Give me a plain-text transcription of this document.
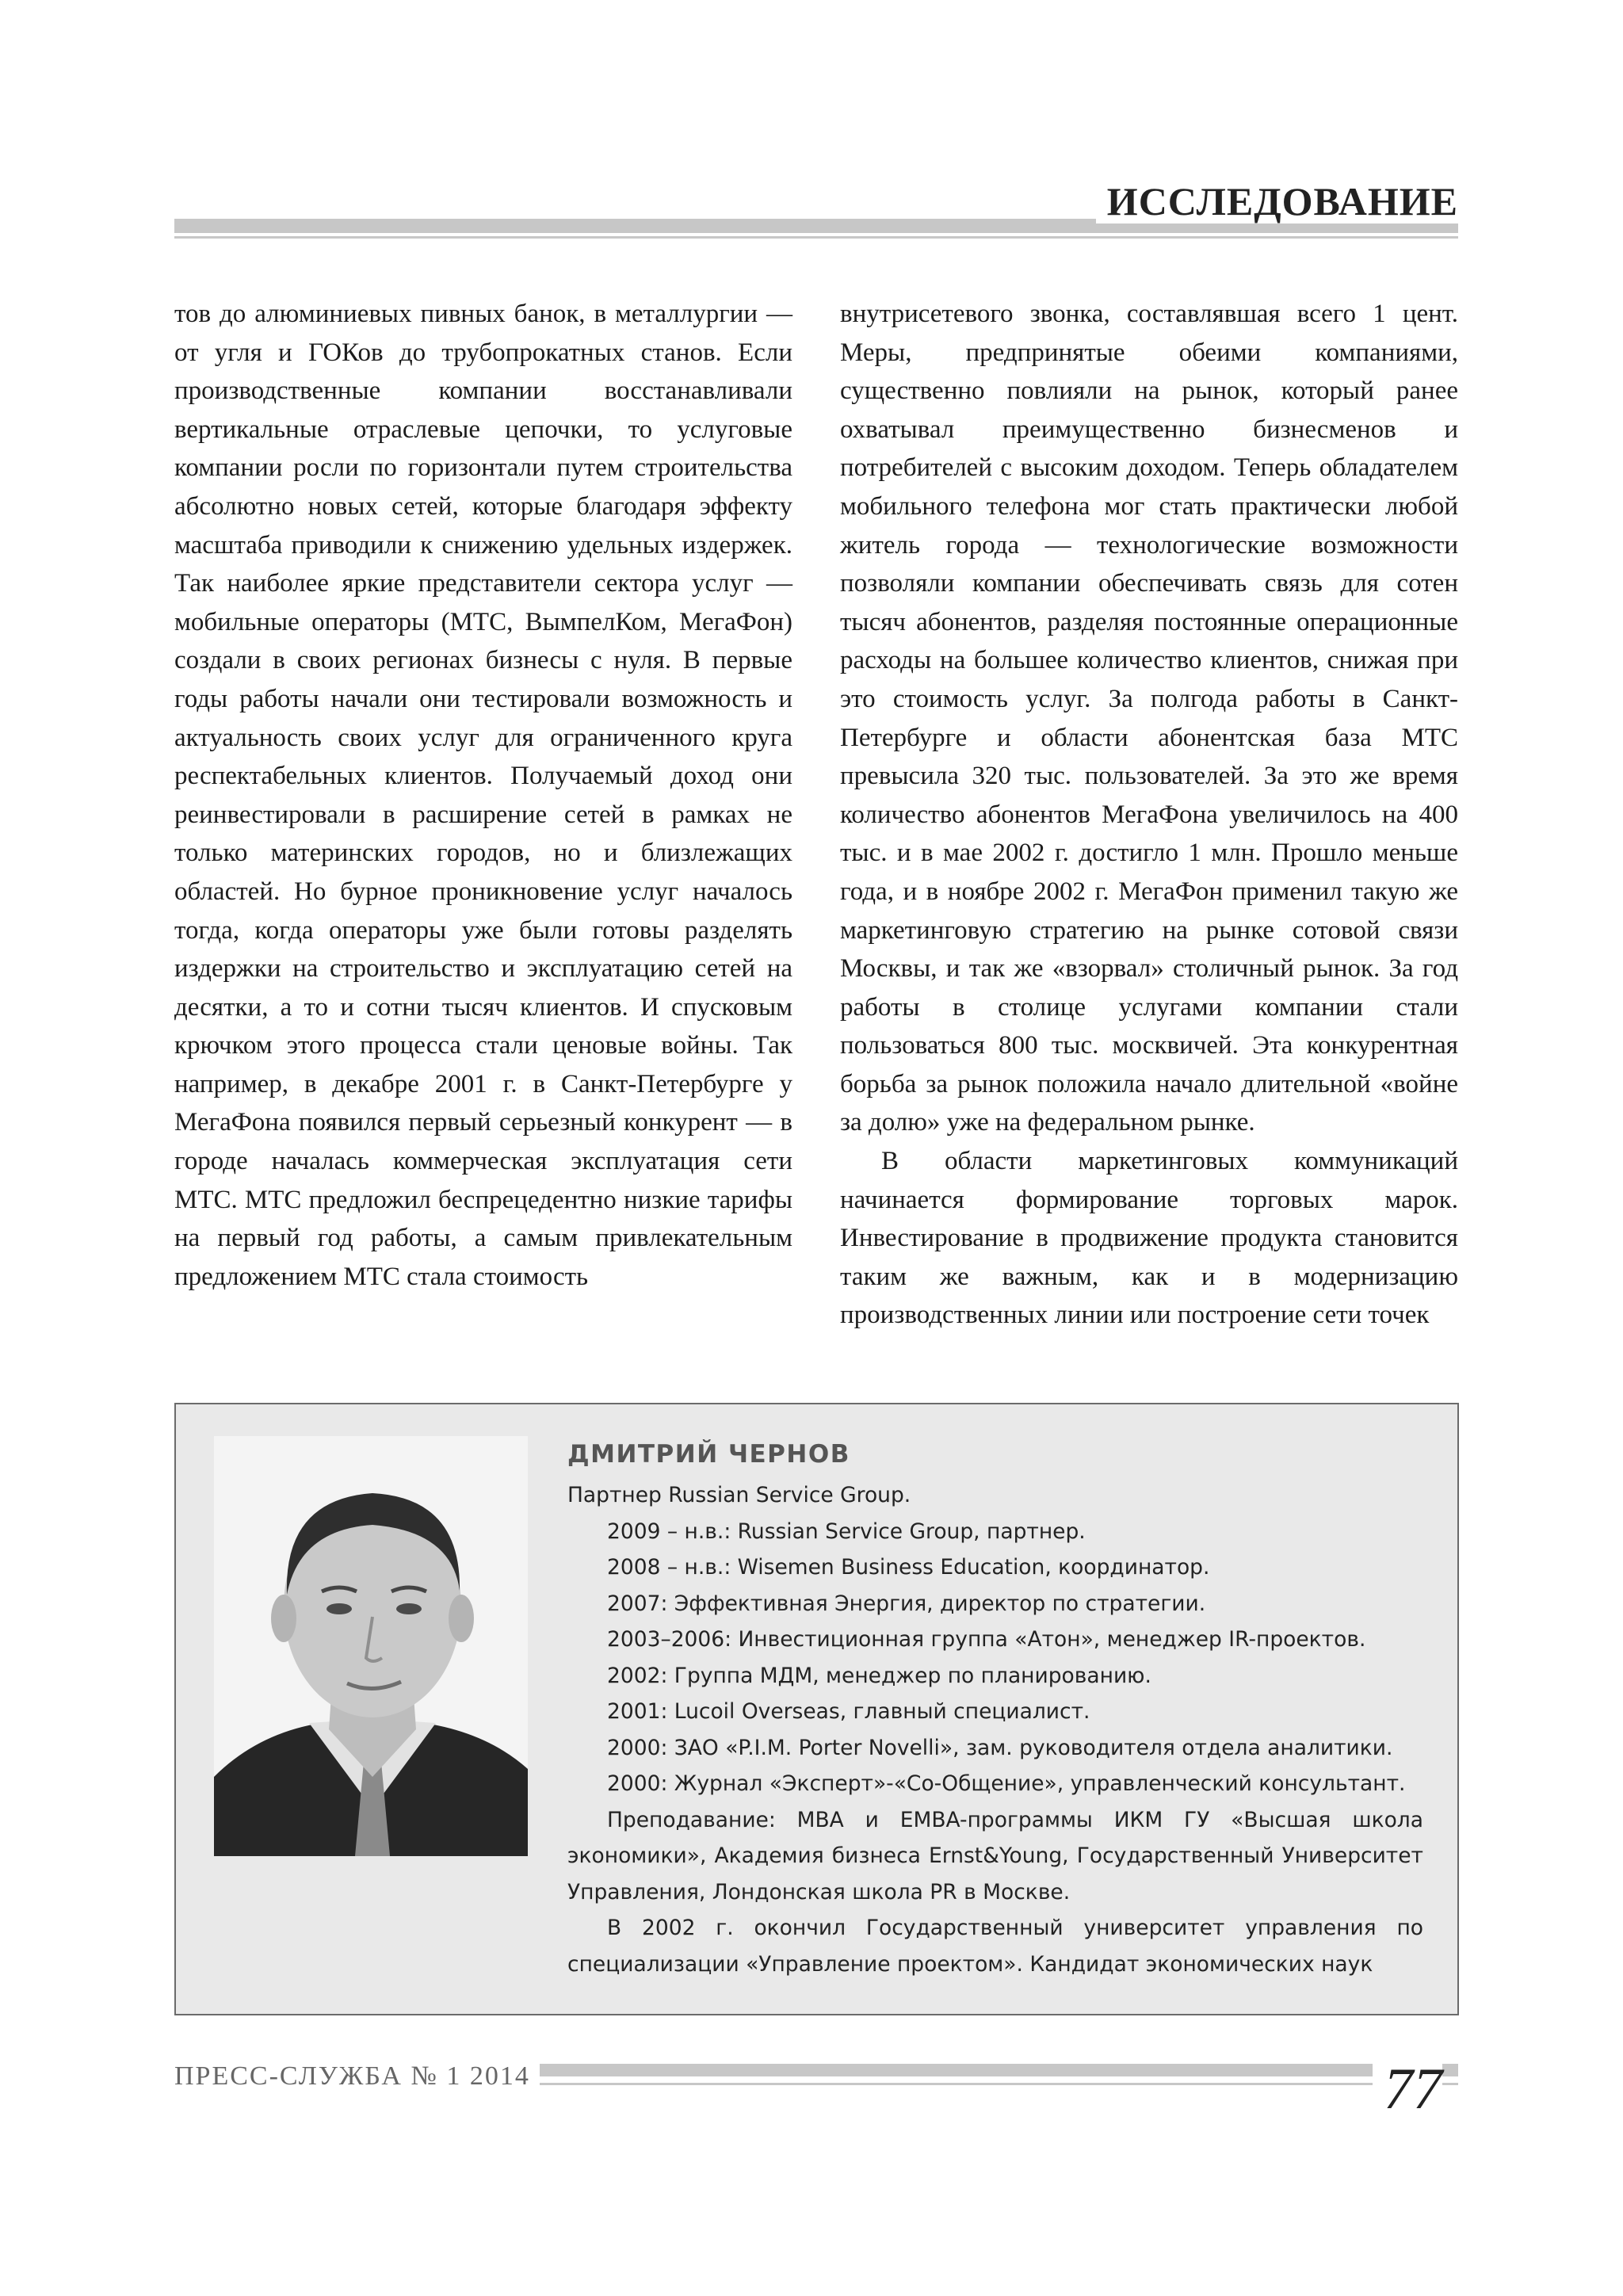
ИССЛЕДОВАНИЕ

тов до алюминиевых пивных банок, в металлургии — от угля и ГОКов до трубопрокатных станов. Если производственные компании восстанавливали вертикальные отраслевые цепочки, то услуговые компании росли по горизонтали путем строительства абсолютно новых сетей, которые благодаря эффекту масштаба приводили к снижению удельных издержек. Так наиболее яркие представители сектора услуг — мобильные операторы (МТС, ВымпелКом, МегаФон) создали в своих регионах бизнесы с нуля. В первые годы работы начали они тестировали возможность и актуальность своих услуг для ограниченного круга респектабельных клиентов. Получаемый доход они реинвестировали в расширение сетей в рамках не только материнских городов, но и близлежащих областей. Но бурное проникновение услуг началось тогда, когда операторы уже были готовы разделять издержки на строительство и эксплуатацию сетей на десятки, а то и сотни тысяч клиентов. И спусковым крючком этого процесса стали ценовые войны. Так например, в декабре 2001 г. в Санкт-Петербурге у МегаФона появился первый серьезный конкурент — в городе началась коммерческая эксплуатация сети МТС. МТС предложил беспрецедентно низкие тарифы на первый год работы, а самым привлекательным предложением МТС стала стоимость

внутрисетевого звонка, составлявшая всего 1 цент. Меры, предпринятые обеими компаниями, существенно повлияли на рынок, который ранее охватывал преимущественно бизнесменов и потребителей с высоким доходом. Теперь обладателем мобильного телефона мог стать практически любой житель города — технологические возможности позволяли компании обеспечивать связь для сотен тысяч абонентов, разделяя постоянные операционные расходы на большее количество клиентов, снижая при это стоимость услуг. За полгода работы в Санкт-Петербурге и области абонентская база МТС превысила 320 тыс. пользователей. За это же время количество абонентов МегаФона увеличилось на 400 тыс. и в мае 2002 г. достигло 1 млн. Прошло меньше года, и в ноябре 2002 г. МегаФон применил такую же маркетинговую стратегию на рынке сотовой связи Москвы, и так же «взорвал» столичный рынок. За год работы в столице услугами компании стали пользоваться 800 тыс. москвичей. Эта конкурентная борьба за рынок положила начало длительной «войне за долю» уже на федеральном рынке.

В области маркетинговых коммуникаций начинается формирование торговых марок. Инвестирование в продвижение продукта становится таким же важным, как и в модернизацию производственных линии или построение сети точек

ДМИТРИЙ ЧЕРНОВ

Партнер Russian Service Group.

2009 – н.в.: Russian Service Group, партнер.

2008 – н.в.: Wisemen Business Education, координатор.

2007: Эффективная Энергия, директор по стратегии.

2003–2006: Инвестиционная группа «Атон», менеджер IR-проектов.

2002: Группа МДМ, менеджер по планированию.

2001: Lucoil Overseas, главный специалист.

2000: ЗАО «P.I.M. Porter Novelli», зам. руководителя отдела аналитики.

2000: Журнал «Эксперт»-«Со-Общение», управленческий консультант.

Преподавание: MBA и EMBA-программы ИКМ ГУ «Высшая школа экономики», Академия бизнеса Ernst&Young, Государственный Университет Управления, Лондонская школа PR в Москве.

В 2002 г. окончил Государственный университет управления по специализации «Управление проектом». Кандидат экономических наук

ПРЕСС-СЛУЖБА № 1 2014	77
